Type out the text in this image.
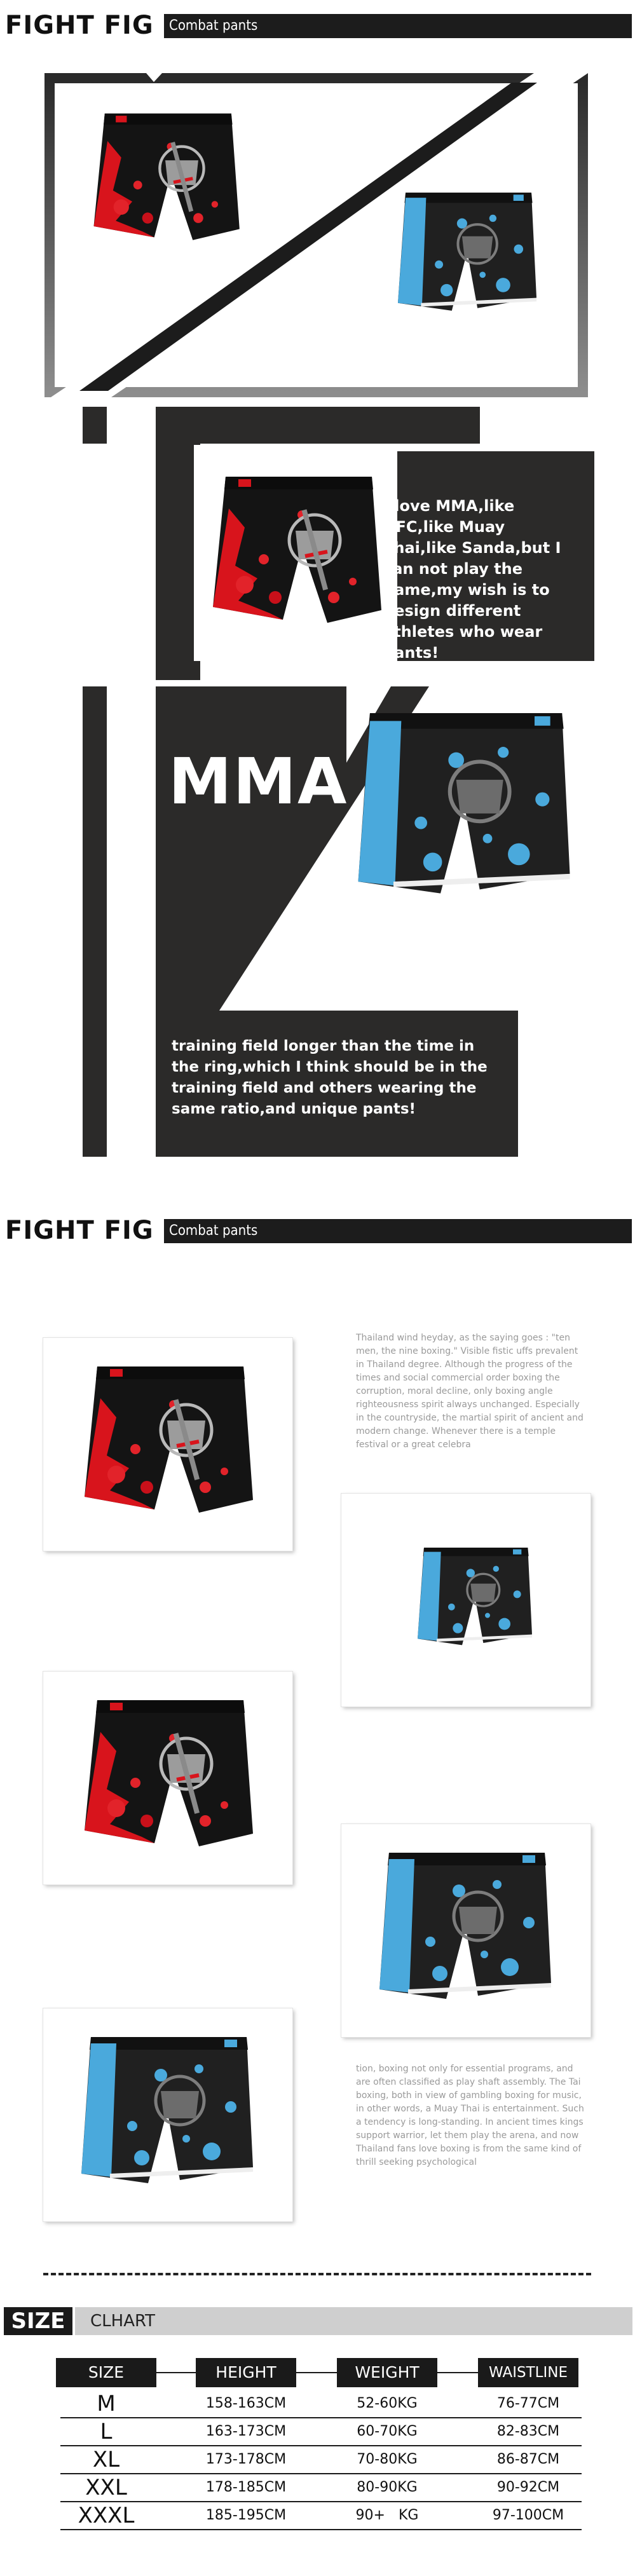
FIGHT FIG	Combat pants
I love MMA,like UFC,like Muay Thai,like Sanda,but I can not play the game,my wish is to design different athletes who wear pants!
MMA
training field longer than the time in the ring,which I think should be in the training field and others wearing the same ratio,and unique pants!
FIGHT FIG	Combat pants
Thailand wind heyday, as the saying goes : "ten men, the nine boxing." Visible fistic uffs prevalent in Thailand degree. Although the progress of the times and social commercial order boxing the corruption, moral decline, only boxing angle righteousness spirit always unchanged. Especially in the countryside, the martial spirit of ancient and modern change. Whenever there is a temple festival or a great celebra
tion, boxing not only for essential programs, and are often classified as play shaft assembly. The Tai boxing, both in view of gambling boxing for music, in other words, a Muay Thai is entertainment. Such a tendency is long-standing. In ancient times kings support warrior, let them play the arena, and now Thailand fans love boxing is from the same kind of thrill seeking psychological
SIZE	CLHART
SIZE	HEIGHT	WEIGHT	WAISTLINE
M	158-163CM	52-60KG	76-77CM
L	163-173CM	60-70KG	82-83CM
XL	173-178CM	70-80KG	86-87CM
XXL	178-185CM	80-90KG	90-92CM
XXXL	185-195CM	90+   KG	97-100CM
